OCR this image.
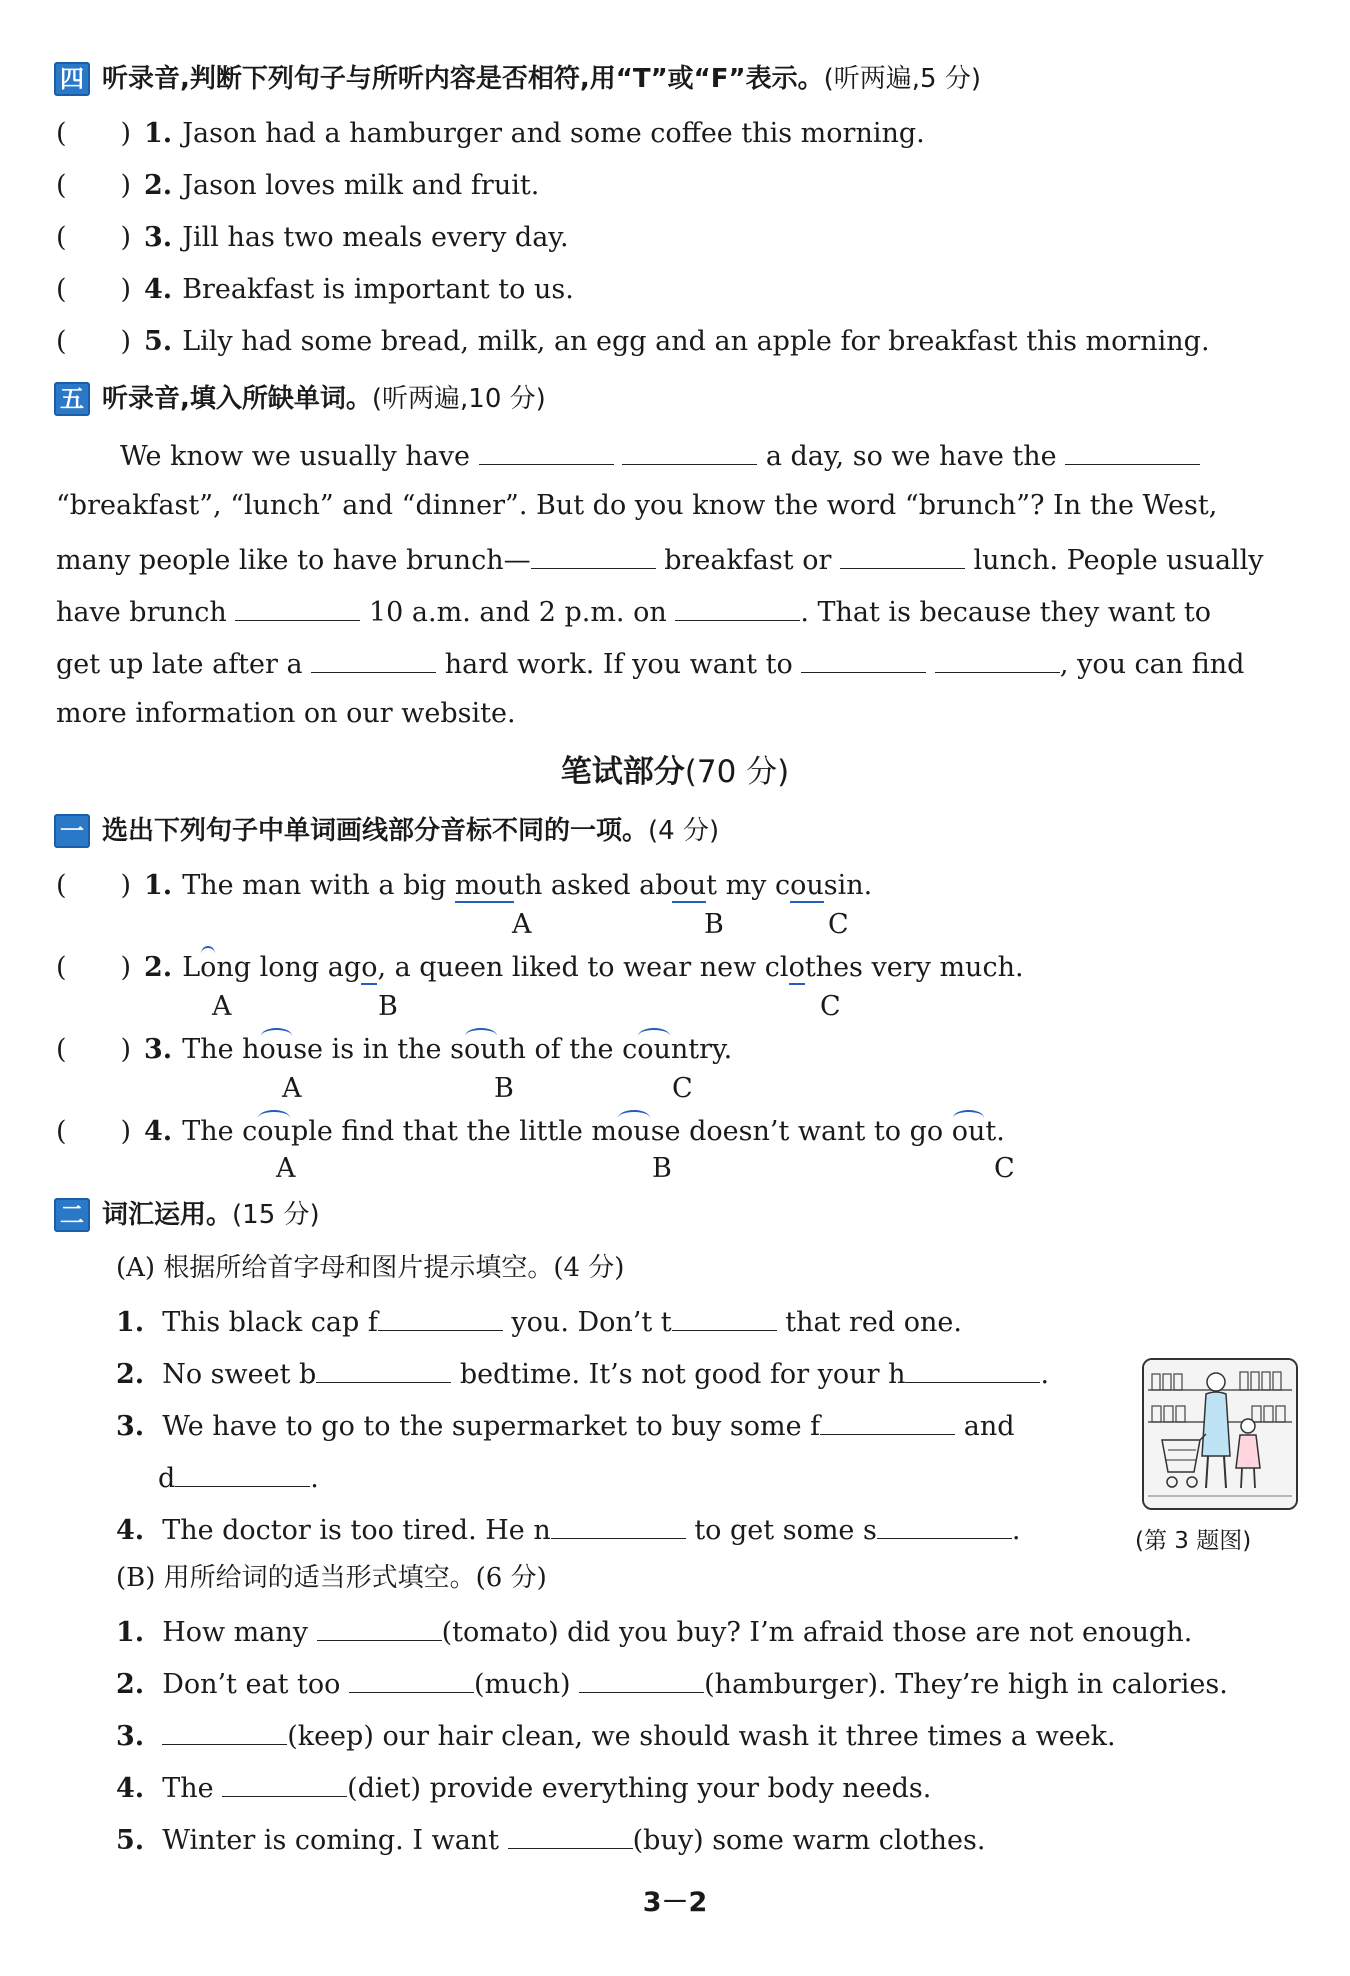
四 听录音,判断下列句子与所听内容是否相符,用“T”或“F”表示。 (听两遍,5 分)
(　　) 1. Jason had a hamburger and some coffee this morning.
(　　) 2. Jason loves milk and fruit.
(　　) 3. Jill has two meals every day.
(　　) 4. Breakfast is important to us.
(　　) 5. Lily had some bread, milk, an egg and an apple for breakfast this morning.
五 听录音,填入所缺单词。 (听两遍,10 分)
We know we usually have	a day, so we have the
“breakfast”, “lunch” and “dinner”. But do you know the word “brunch”? In the West,
many people like to have brunch—	breakfast or	lunch. People usually
have brunch	10 a.m. and 2 p.m. on	. That is because they want to
get up late after a	hard work. If you want to	, you can find
more information on our website.
笔试部分(70 分)
一 选出下列句子中单词画线部分音标不同的一项。 (4 分)
(　　) 1. The man with a big mouth asked about my cousin.
A	B	C
(　　) 2. Long long ago, a queen liked to wear new clothes very much.
A	B	C
(　　) 3. The house is in the south of the country.
A	B	C
(　　) 4. The couple find that the little mouse doesn’t want to go out.
A	B	C
二 词汇运用。 (15 分)
(A) 根据所给首字母和图片提示填空。(4 分)
1. This black cap f	you. Don’t t	that red one.
2. No sweet b	bedtime. It’s not good for your h	.
3. We have to go to the supermarket to buy some f	and
d	.
4. The doctor is too tired. He n	to get some s	.	(第 3 题图)
(B) 用所给词的适当形式填空。(6 分)
1. How many	(tomato) did you buy? I’m afraid those are not enough.
2. Don’t eat too	(much)	(hamburger). They’re high in calories.
3.	(keep) our hair clean, we should wash it three times a week.
4. The	(diet) provide everything your body needs.
5. Winter is coming. I want	(buy) some warm clothes.
3－2
